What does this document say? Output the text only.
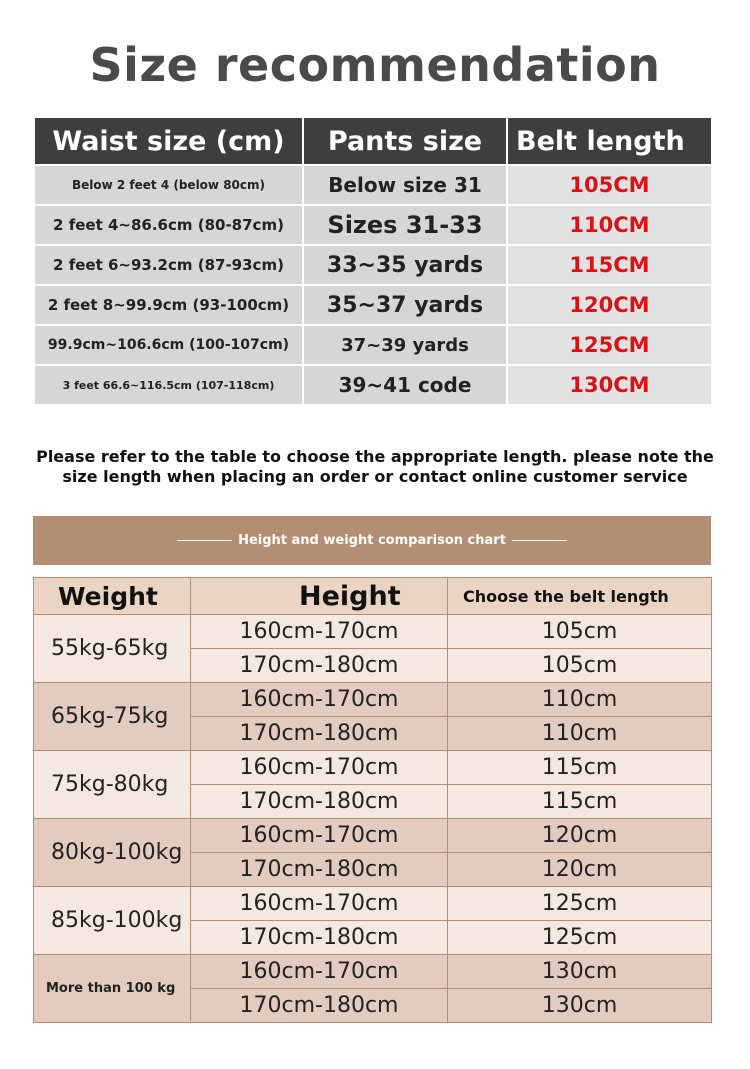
Size recommendation
Waist size (cm)	Pants size	Belt length
Below 2 feet 4 (below 80cm)	Below size 31	105CM
2 feet 4~86.6cm (80-87cm)	Sizes 31-33	110CM
2 feet 6~93.2cm (87-93cm)	33~35 yards	115CM
2 feet 8~99.9cm (93-100cm)	35~37 yards	120CM
99.9cm~106.6cm (100-107cm)	37~39 yards	125CM
3 feet 66.6~116.5cm (107-118cm)	39~41 code	130CM
Please refer to the table to choose the appropriate length. please note the
size length when placing an order or contact online customer service
Height and weight comparison chart
Weight	Height	Choose the belt length
55kg-65kg	160cm-170cm	105cm
	170cm-180cm	105cm
65kg-75kg	160cm-170cm	110cm
	170cm-180cm	110cm
75kg-80kg	160cm-170cm	115cm
	170cm-180cm	115cm
80kg-100kg	160cm-170cm	120cm
	170cm-180cm	120cm
85kg-100kg	160cm-170cm	125cm
	170cm-180cm	125cm
More than 100 kg	160cm-170cm	130cm
	170cm-180cm	130cm
